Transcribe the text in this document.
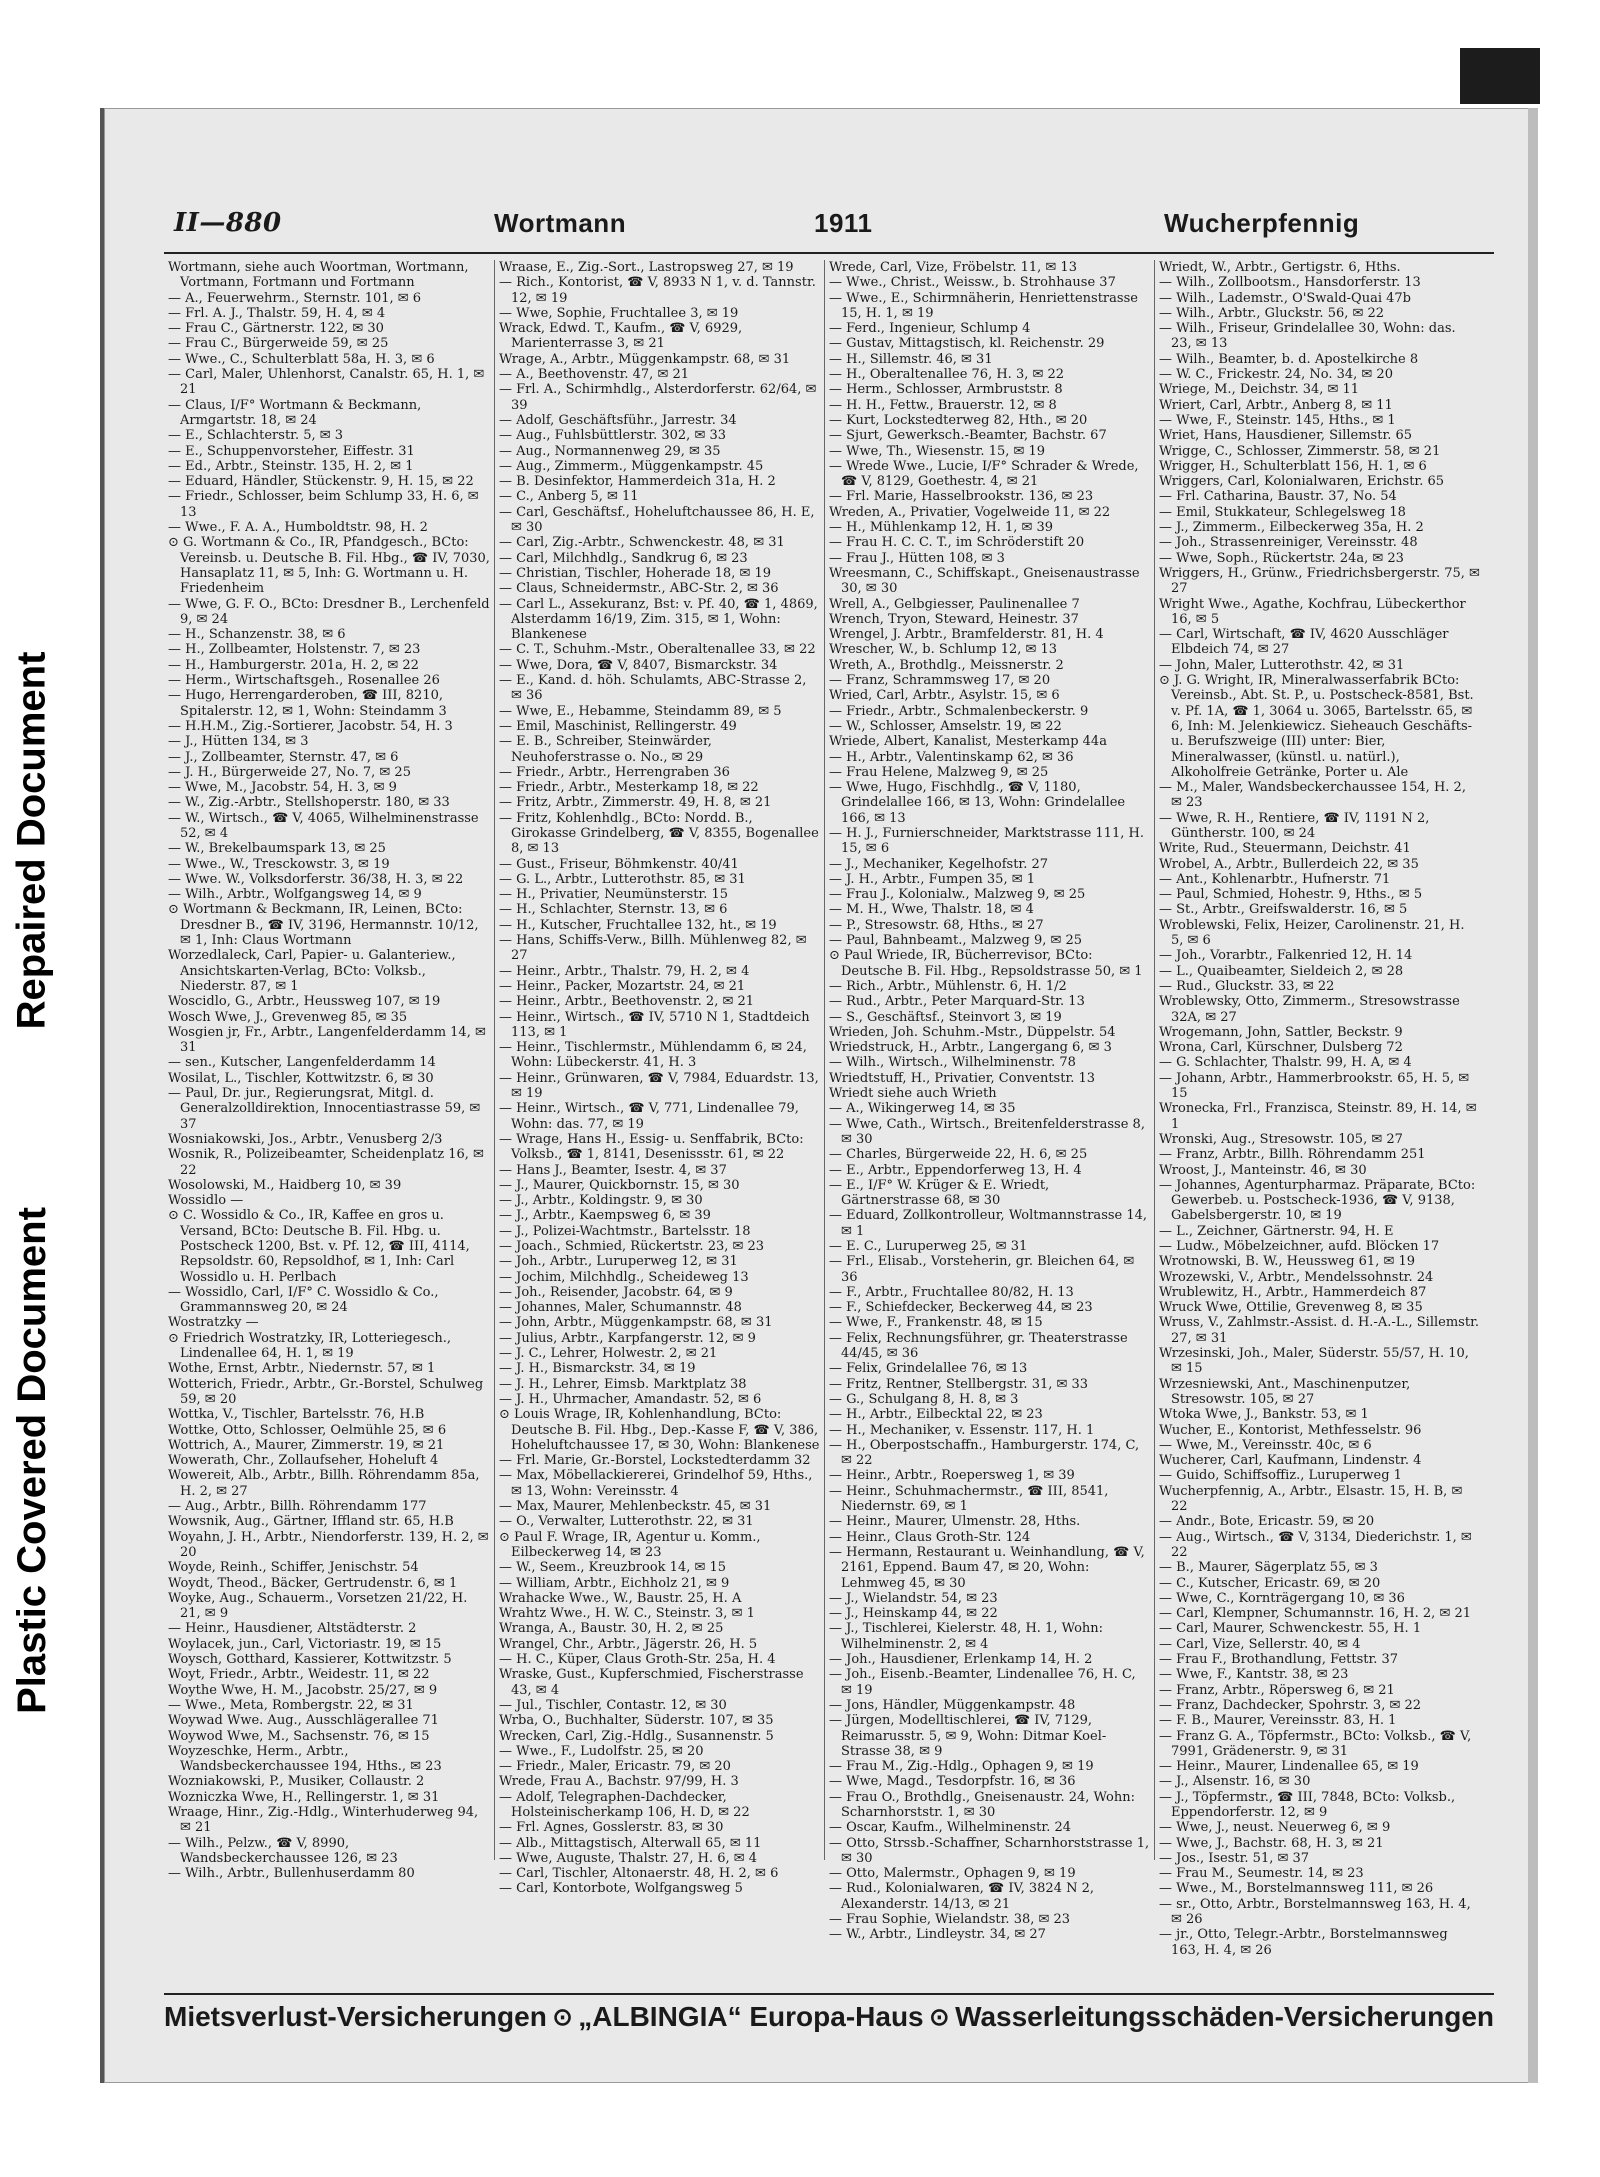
Repaired Document
Plastic Covered Document
II—880	Wortmann	1911	Wucherpfennig
Wortmann, siehe auch Woortman, Wortmann, Vortmann, Fortmann und Fortmann
— A., Feuerwehrm., Sternstr. 101, ✉ 6
— Frl. A. J., Thalstr. 59, H. 4, ✉ 4
— Frau C., Gärtnerstr. 122, ✉ 30
— Frau C., Bürgerweide 59, ✉ 25
— Wwe., C., Schulterblatt 58a, H. 3, ✉ 6
— Carl, Maler, Uhlenhorst, Canalstr. 65, H. 1, ✉ 21
— Claus, I/F° Wortmann & Beckmann, Armgartstr. 18, ✉ 24
— E., Schlachterstr. 5, ✉ 3
— E., Schuppenvorsteher, Eiffestr. 31
— Ed., Arbtr., Steinstr. 135, H. 2, ✉ 1
— Eduard, Händler, Stückenstr. 9, H. 15, ✉ 22
— Friedr., Schlosser, beim Schlump 33, H. 6, ✉ 13
— Wwe., F. A. A., Humboldtstr. 98, H. 2
⊙ G. Wortmann & Co., IR, Pfandgesch., BCto: Vereinsb. u. Deutsche B. Fil. Hbg., ☎ IV, 7030, Hansaplatz 11, ✉ 5, Inh: G. Wortmann u. H. Friedenheim
— Wwe, G. F. O., BCto: Dresdner B., Lerchenfeld 9, ✉ 24
— H., Schanzenstr. 38, ✉ 6
— H., Zollbeamter, Holstenstr. 7, ✉ 23
— H., Hamburgerstr. 201a, H. 2, ✉ 22
— Herm., Wirtschaftsgeh., Rosenallee 26
— Hugo, Herrengarderoben, ☎ III, 8210, Spitalerstr. 12, ✉ 1, Wohn: Steindamm 3
— H.H.M., Zig.-Sortierer, Jacobstr. 54, H. 3
— J., Hütten 134, ✉ 3
— J., Zollbeamter, Sternstr. 47, ✉ 6
— J. H., Bürgerweide 27, No. 7, ✉ 25
— Wwe, M., Jacobstr. 54, H. 3, ✉ 9
— W., Zig.-Arbtr., Stellshoperstr. 180, ✉ 33
— W., Wirtsch., ☎ V, 4065, Wilhelminenstrasse 52, ✉ 4
— W., Brekelbaumspark 13, ✉ 25
— Wwe., W., Tresckowstr. 3, ✉ 19
— Wwe. W., Volksdorferstr. 36/38, H. 3, ✉ 22
— Wilh., Arbtr., Wolfgangsweg 14, ✉ 9
⊙ Wortmann & Beckmann, IR, Leinen, BCto: Dresdner B., ☎ IV, 3196, Hermannstr. 10/12, ✉ 1, Inh: Claus Wortmann
Worzedlaleck, Carl, Papier- u. Galanteriew., Ansichtskarten-Verlag, BCto: Volksb., Niederstr. 87, ✉ 1
Woscidlo, G., Arbtr., Heussweg 107, ✉ 19
Wosch Wwe, J., Grevenweg 85, ✉ 35
Wosgien jr, Fr., Arbtr., Langenfelderdamm 14, ✉ 31
— sen., Kutscher, Langenfelderdamm 14
Wosilat, L., Tischler, Kottwitzstr. 6, ✉ 30
— Paul, Dr. jur., Regierungsrat, Mitgl. d. Generalzolldirektion, Innocentiastrasse 59, ✉ 37
Wosniakowski, Jos., Arbtr., Venusberg 2/3
Wosnik, R., Polizeibeamter, Scheidenplatz 16, ✉ 22
Wosolowski, M., Haidberg 10, ✉ 39
Wossidlo —
⊙ C. Wossidlo & Co., IR, Kaffee en gros u. Versand, BCto: Deutsche B. Fil. Hbg. u. Postscheck 1200, Bst. v. Pf. 12, ☎ III, 4114, Repsoldstr. 60, Repsoldhof, ✉ 1, Inh: Carl Wossidlo u. H. Perlbach
— Wossidlo, Carl, I/F° C. Wossidlo & Co., Grammannsweg 20, ✉ 24
Wostratzky —
⊙ Friedrich Wostratzky, IR, Lotteriegesch., Lindenallee 64, H. 1, ✉ 19
Wothe, Ernst, Arbtr., Niedernstr. 57, ✉ 1
Wotterich, Friedr., Arbtr., Gr.-Borstel, Schulweg 59, ✉ 20
Wottka, V., Tischler, Bartelsstr. 76, H.B
Wottke, Otto, Schlosser, Oelmühle 25, ✉ 6
Wottrich, A., Maurer, Zimmerstr. 19, ✉ 21
Wowerath, Chr., Zollaufseher, Hoheluft 4
Wowereit, Alb., Arbtr., Billh. Röhrendamm 85a, H. 2, ✉ 27
— Aug., Arbtr., Billh. Röhrendamm 177
Wowsnik, Aug., Gärtner, Iffland str. 65, H.B
Woyahn, J. H., Arbtr., Niendorferstr. 139, H. 2, ✉ 20
Woyde, Reinh., Schiffer, Jenischstr. 54
Woydt, Theod., Bäcker, Gertrudenstr. 6, ✉ 1
Woyke, Aug., Schauerm., Vorsetzen 21/22, H. 21, ✉ 9
— Heinr., Hausdiener, Altstädterstr. 2
Woylacek, jun., Carl, Victoriastr. 19, ✉ 15
Woysch, Gotthard, Kassierer, Kottwitzstr. 5
Woyt, Friedr., Arbtr., Weidestr. 11, ✉ 22
Woythe Wwe, H. M., Jacobstr. 25/27, ✉ 9
— Wwe., Meta, Rombergstr. 22, ✉ 31
Woywad Wwe. Aug., Ausschlägerallee 71
Woywod Wwe, M., Sachsenstr. 76, ✉ 15
Woyzeschke, Herm., Arbtr., Wandsbeckerchaussee 194, Hths., ✉ 23
Wozniakowski, P., Musiker, Collaustr. 2
Wozniczka Wwe, H., Rellingerstr. 1, ✉ 31
Wraage, Hinr., Zig.-Hdlg., Winterhuderweg 94, ✉ 21
— Wilh., Pelzw., ☎ V, 8990, Wandsbeckerchaussee 126, ✉ 23
— Wilh., Arbtr., Bullenhuserdamm 80
Wraase, E., Zig.-Sort., Lastropsweg 27, ✉ 19
— Rich., Kontorist, ☎ V, 8933 N 1, v. d. Tannstr. 12, ✉ 19
— Wwe, Sophie, Fruchtallee 3, ✉ 19
Wrack, Edwd. T., Kaufm., ☎ V, 6929, Marienterrasse 3, ✉ 21
Wrage, A., Arbtr., Müggenkampstr. 68, ✉ 31
— A., Beethovenstr. 47, ✉ 21
— Frl. A., Schirmhdlg., Alsterdorferstr. 62/64, ✉ 39
— Adolf, Geschäftsführ., Jarrestr. 34
— Aug., Fuhlsbüttlerstr. 302, ✉ 33
— Aug., Normannenweg 29, ✉ 35
— Aug., Zimmerm., Müggenkampstr. 45
— B. Desinfektor, Hammerdeich 31a, H. 2
— C., Anberg 5, ✉ 11
— Carl, Geschäftsf., Hoheluftchaussee 86, H. E, ✉ 30
— Carl, Zig.-Arbtr., Schwenckestr. 48, ✉ 31
— Carl, Milchhdlg., Sandkrug 6, ✉ 23
— Christian, Tischler, Hoherade 18, ✉ 19
— Claus, Schneidermstr., ABC-Str. 2, ✉ 36
— Carl L., Assekuranz, Bst: v. Pf. 40, ☎ 1, 4869, Alsterdamm 16/19, Zim. 315, ✉ 1, Wohn: Blankenese
— C. T., Schuhm.-Mstr., Oberaltenallee 33, ✉ 22
— Wwe, Dora, ☎ V, 8407, Bismarckstr. 34
— E., Kand. d. höh. Schulamts, ABC-Strasse 2, ✉ 36
— Wwe, E., Hebamme, Steindamm 89, ✉ 5
— Emil, Maschinist, Rellingerstr. 49
— E. B., Schreiber, Steinwärder, Neuhoferstrasse o. No., ✉ 29
— Friedr., Arbtr., Herrengraben 36
— Friedr., Arbtr., Mesterkamp 18, ✉ 22
— Fritz, Arbtr., Zimmerstr. 49, H. 8, ✉ 21
— Fritz, Kohlenhdlg., BCto: Nordd. B., Girokasse Grindelberg, ☎ V, 8355, Bogenallee 8, ✉ 13
— Gust., Friseur, Böhmkenstr. 40/41
— G. L., Arbtr., Lutterothstr. 85, ✉ 31
— H., Privatier, Neumünsterstr. 15
— H., Schlachter, Sternstr. 13, ✉ 6
— H., Kutscher, Fruchtallee 132, ht., ✉ 19
— Hans, Schiffs-Verw., Billh. Mühlenweg 82, ✉ 27
— Heinr., Arbtr., Thalstr. 79, H. 2, ✉ 4
— Heinr., Packer, Mozartstr. 24, ✉ 21
— Heinr., Arbtr., Beethovenstr. 2, ✉ 21
— Heinr., Wirtsch., ☎ IV, 5710 N 1, Stadtdeich 113, ✉ 1
— Heinr., Tischlermstr., Mühlendamm 6, ✉ 24, Wohn: Lübeckerstr. 41, H. 3
— Heinr., Grünwaren, ☎ V, 7984, Eduardstr. 13, ✉ 19
— Heinr., Wirtsch., ☎ V, 771, Lindenallee 79, Wohn: das. 77, ✉ 19
— Wrage, Hans H., Essig- u. Senffabrik, BCto: Volksb., ☎ 1, 8141, Desenissstr. 61, ✉ 22
— Hans J., Beamter, Isestr. 4, ✉ 37
— J., Maurer, Quickbornstr. 15, ✉ 30
— J., Arbtr., Koldingstr. 9, ✉ 30
— J., Arbtr., Kaempsweg 6, ✉ 39
— J., Polizei-Wachtmstr., Bartelsstr. 18
— Joach., Schmied, Rückertstr. 23, ✉ 23
— Joh., Arbtr., Luruperweg 12, ✉ 31
— Jochim, Milchhdlg., Scheideweg 13
— Joh., Reisender, Jacobstr. 64, ✉ 9
— Johannes, Maler, Schumannstr. 48
— John, Arbtr., Müggenkampstr. 68, ✉ 31
— Julius, Arbtr., Karpfangerstr. 12, ✉ 9
— J. C., Lehrer, Holwestr. 2, ✉ 21
— J. H., Bismarckstr. 34, ✉ 19
— J. H., Lehrer, Eimsb. Marktplatz 38
— J. H., Uhrmacher, Amandastr. 52, ✉ 6
⊙ Louis Wrage, IR, Kohlenhandlung, BCto: Deutsche B. Fil. Hbg., Dep.-Kasse F, ☎ V, 386, Hoheluftchaussee 17, ✉ 30, Wohn: Blankenese
— Frl. Marie, Gr.-Borstel, Lockstedterdamm 32
— Max, Möbellackiererei, Grindelhof 59, Hths., ✉ 13, Wohn: Vereinsstr. 4
— Max, Maurer, Mehlenbeckstr. 45, ✉ 31
— O., Verwalter, Lutterothstr. 22, ✉ 31
⊙ Paul F. Wrage, IR, Agentur u. Komm., Eilbeckerweg 14, ✉ 23
— W., Seem., Kreuzbrook 14, ✉ 15
— William, Arbtr., Eichholz 21, ✉ 9
Wrahacke Wwe., W., Baustr. 25, H. A
Wrahtz Wwe., H. W. C., Steinstr. 3, ✉ 1
Wranga, A., Baustr. 30, H. 2, ✉ 25
Wrangel, Chr., Arbtr., Jägerstr. 26, H. 5
— H. C., Küper, Claus Groth-Str. 25a, H. 4
Wraske, Gust., Kupferschmied, Fischerstrasse 43, ✉ 4
— Jul., Tischler, Contastr. 12, ✉ 30
Wrba, O., Buchhalter, Süderstr. 107, ✉ 35
Wrecken, Carl, Zig.-Hdlg., Susannenstr. 5
— Wwe., F., Ludolfstr. 25, ✉ 20
— Friedr., Maler, Ericastr. 79, ✉ 20
Wrede, Frau A., Bachstr. 97/99, H. 3
— Adolf, Telegraphen-Dachdecker, Holsteinischerkamp 106, H. D, ✉ 22
— Frl. Agnes, Gosslerstr. 83, ✉ 30
— Alb., Mittagstisch, Alterwall 65, ✉ 11
— Wwe, Auguste, Thalstr. 27, H. 6, ✉ 4
— Carl, Tischler, Altonaerstr. 48, H. 2, ✉ 6
— Carl, Kontorbote, Wolfgangsweg 5
Wrede, Carl, Vize, Fröbelstr. 11, ✉ 13
— Wwe., Christ., Weissw., b. Strohhause 37
— Wwe., E., Schirmnäherin, Henriettenstrasse 15, H. 1, ✉ 19
— Ferd., Ingenieur, Schlump 4
— Gustav, Mittagstisch, kl. Reichenstr. 29
— H., Sillemstr. 46, ✉ 31
— H., Oberaltenallee 76, H. 3, ✉ 22
— Herm., Schlosser, Armbruststr. 8
— H. H., Fettw., Brauerstr. 12, ✉ 8
— Kurt, Lockstedterweg 82, Hth., ✉ 20
— Sjurt, Gewerksch.-Beamter, Bachstr. 67
— Wwe, Th., Wiesenstr. 15, ✉ 19
— Wrede Wwe., Lucie, I/F° Schrader & Wrede, ☎ V, 8129, Goethestr. 4, ✉ 21
— Frl. Marie, Hasselbrookstr. 136, ✉ 23
Wreden, A., Privatier, Vogelweide 11, ✉ 22
— H., Mühlenkamp 12, H. 1, ✉ 39
— Frau H. C. C. T., im Schröderstift 20
— Frau J., Hütten 108, ✉ 3
Wreesmann, C., Schiffskapt., Gneisenaustrasse 30, ✉ 30
Wrell, A., Gelbgiesser, Paulinenallee 7
Wrench, Tryon, Steward, Heinestr. 37
Wrengel, J. Arbtr., Bramfelderstr. 81, H. 4
Wrescher, W., b. Schlump 12, ✉ 13
Wreth, A., Brothdlg., Meissnerstr. 2
— Franz, Schrammsweg 17, ✉ 20
Wried, Carl, Arbtr., Asylstr. 15, ✉ 6
— Friedr., Arbtr., Schmalenbeckerstr. 9
— W., Schlosser, Amselstr. 19, ✉ 22
Wriede, Albert, Kanalist, Mesterkamp 44a
— H., Arbtr., Valentinskamp 62, ✉ 36
— Frau Helene, Malzweg 9, ✉ 25
— Wwe, Hugo, Fischhdlg., ☎ V, 1180, Grindelallee 166, ✉ 13, Wohn: Grindelallee 166, ✉ 13
— H. J., Furnierschneider, Marktstrasse 111, H. 15, ✉ 6
— J., Mechaniker, Kegelhofstr. 27
— J. H., Arbtr., Fumpen 35, ✉ 1
— Frau J., Kolonialw., Malzweg 9, ✉ 25
— M. H., Wwe, Thalstr. 18, ✉ 4
— P., Stresowstr. 68, Hths., ✉ 27
— Paul, Bahnbeamt., Malzweg 9, ✉ 25
⊙ Paul Wriede, IR, Bücherrevisor, BCto: Deutsche B. Fil. Hbg., Repsoldstrasse 50, ✉ 1
— Rich., Arbtr., Mühlenstr. 6, H. 1/2
— Rud., Arbtr., Peter Marquard-Str. 13
— S., Geschäftsf., Steinvort 3, ✉ 19
Wrieden, Joh. Schuhm.-Mstr., Düppelstr. 54
Wriedstruck, H., Arbtr., Langergang 6, ✉ 3
— Wilh., Wirtsch., Wilhelminenstr. 78
Wriedtstuff, H., Privatier, Conventstr. 13
Wriedt siehe auch Wrieth
— A., Wikingerweg 14, ✉ 35
— Wwe, Cath., Wirtsch., Breitenfelderstrasse 8, ✉ 30
— Charles, Bürgerweide 22, H. 6, ✉ 25
— E., Arbtr., Eppendorferweg 13, H. 4
— E., I/F° W. Krüger & E. Wriedt, Gärtnerstrasse 68, ✉ 30
— Eduard, Zollkontrolleur, Woltmannstrasse 14, ✉ 1
— E. C., Luruperweg 25, ✉ 31
— Frl., Elisab., Vorsteherin, gr. Bleichen 64, ✉ 36
— F., Arbtr., Fruchtallee 80/82, H. 13
— F., Schiefdecker, Beckerweg 44, ✉ 23
— Wwe, F., Frankenstr. 48, ✉ 15
— Felix, Rechnungsführer, gr. Theaterstrasse 44/45, ✉ 36
— Felix, Grindelallee 76, ✉ 13
— Fritz, Rentner, Stellbergstr. 31, ✉ 33
— G., Schulgang 8, H. 8, ✉ 3
— H., Arbtr., Eilbecktal 22, ✉ 23
— H., Mechaniker, v. Essenstr. 117, H. 1
— H., Oberpostschaffn., Hamburgerstr. 174, C, ✉ 22
— Heinr., Arbtr., Roepersweg 1, ✉ 39
— Heinr., Schuhmachermstr., ☎ III, 8541, Niedernstr. 69, ✉ 1
— Heinr., Maurer, Ulmenstr. 28, Hths.
— Heinr., Claus Groth-Str. 124
— Hermann, Restaurant u. Weinhandlung, ☎ V, 2161, Eppend. Baum 47, ✉ 20, Wohn: Lehmweg 45, ✉ 30
— J., Wielandstr. 54, ✉ 23
— J., Heinskamp 44, ✉ 22
— J., Tischlerei, Kielerstr. 48, H. 1, Wohn: Wilhelminenstr. 2, ✉ 4
— Joh., Hausdiener, Erlenkamp 14, H. 2
— Joh., Eisenb.-Beamter, Lindenallee 76, H. C, ✉ 19
— Jons, Händler, Müggenkampstr. 48
— Jürgen, Modelltischlerei, ☎ IV, 7129, Reimarusstr. 5, ✉ 9, Wohn: Ditmar Koel-Strasse 38, ✉ 9
— Frau M., Zig.-Hdlg., Ophagen 9, ✉ 19
— Wwe, Magd., Tesdorpfstr. 16, ✉ 36
— Frau O., Brothdlg., Gneisenaustr. 24, Wohn: Scharnhorststr. 1, ✉ 30
— Oscar, Kaufm., Wilhelminenstr. 24
— Otto, Strssb.-Schaffner, Scharnhorststrasse 1, ✉ 30
— Otto, Malermstr., Ophagen 9, ✉ 19
— Rud., Kolonialwaren, ☎ IV, 3824 N 2, Alexanderstr. 14/13, ✉ 21
— Frau Sophie, Wielandstr. 38, ✉ 23
— W., Arbtr., Lindleystr. 34, ✉ 27
Wriedt, W., Arbtr., Gertigstr. 6, Hths.
— Wilh., Zollbootsm., Hansdorferstr. 13
— Wilh., Lademstr., O'Swald-Quai 47b
— Wilh., Arbtr., Gluckstr. 56, ✉ 22
— Wilh., Friseur, Grindelallee 30, Wohn: das. 23, ✉ 13
— Wilh., Beamter, b. d. Apostelkirche 8
— W. C., Frickestr. 24, No. 34, ✉ 20
Wriege, M., Deichstr. 34, ✉ 11
Wriert, Carl, Arbtr., Anberg 8, ✉ 11
— Wwe, F., Steinstr. 145, Hths., ✉ 1
Wriet, Hans, Hausdiener, Sillemstr. 65
Wrigge, C., Schlosser, Zimmerstr. 58, ✉ 21
Wrigger, H., Schulterblatt 156, H. 1, ✉ 6
Wriggers, Carl, Kolonialwaren, Erichstr. 65
— Frl. Catharina, Baustr. 37, No. 54
— Emil, Stukkateur, Schlegelsweg 18
— J., Zimmerm., Eilbeckerweg 35a, H. 2
— Joh., Strassenreiniger, Vereinsstr. 48
— Wwe, Soph., Rückertstr. 24a, ✉ 23
Wriggers, H., Grünw., Friedrichsbergerstr. 75, ✉ 27
Wright Wwe., Agathe, Kochfrau, Lübeckerthor 16, ✉ 5
— Carl, Wirtschaft, ☎ IV, 4620 Ausschläger Elbdeich 74, ✉ 27
— John, Maler, Lutterothstr. 42, ✉ 31
⊙ J. G. Wright, IR, Mineralwasserfabrik BCto: Vereinsb., Abt. St. P., u. Postscheck-8581, Bst. v. Pf. 1A, ☎ 1, 3064 u. 3065, Bartelsstr. 65, ✉ 6, Inh: M. Jelenkiewicz. Sieheauch Geschäfts- u. Berufszweige (III) unter: Bier, Mineralwasser, (künstl. u. natürl.), Alkoholfreie Getränke, Porter u. Ale
— M., Maler, Wandsbeckerchaussee 154, H. 2, ✉ 23
— Wwe, R. H., Rentiere, ☎ IV, 1191 N 2, Güntherstr. 100, ✉ 24
Write, Rud., Steuermann, Deichstr. 41
Wrobel, A., Arbtr., Bullerdeich 22, ✉ 35
— Ant., Kohlenarbtr., Hufnerstr. 71
— Paul, Schmied, Hohestr. 9, Hths., ✉ 5
— St., Arbtr., Greifswalderstr. 16, ✉ 5
Wroblewski, Felix, Heizer, Carolinenstr. 21, H. 5, ✉ 6
— Joh., Vorarbtr., Falkenried 12, H. 14
— L., Quaibeamter, Sieldeich 2, ✉ 28
— Rud., Gluckstr. 33, ✉ 22
Wroblewsky, Otto, Zimmerm., Stresowstrasse 32A, ✉ 27
Wrogemann, John, Sattler, Beckstr. 9
Wrona, Carl, Kürschner, Dulsberg 72
— G. Schlachter, Thalstr. 99, H. A, ✉ 4
— Johann, Arbtr., Hammerbrookstr. 65, H. 5, ✉ 15
Wronecka, Frl., Franzisca, Steinstr. 89, H. 14, ✉ 1
Wronski, Aug., Stresowstr. 105, ✉ 27
— Franz, Arbtr., Billh. Röhrendamm 251
Wroost, J., Manteinstr. 46, ✉ 30
— Johannes, Agenturpharmaz. Präparate, BCto: Gewerbeb. u. Postscheck-1936, ☎ V, 9138, Gabelsbergerstr. 10, ✉ 19
— L., Zeichner, Gärtnerstr. 94, H. E
— Ludw., Möbelzeichner, aufd. Blöcken 17
Wrotnowski, B. W., Heussweg 61, ✉ 19
Wrozewski, V., Arbtr., Mendelssohnstr. 24
Wrublewitz, H., Arbtr., Hammerdeich 87
Wruck Wwe, Ottilie, Grevenweg 8, ✉ 35
Wruss, V., Zahlmstr.-Assist. d. H.-A.-L., Sillemstr. 27, ✉ 31
Wrzesinski, Joh., Maler, Süderstr. 55/57, H. 10, ✉ 15
Wrzesniewski, Ant., Maschinenputzer, Stresowstr. 105, ✉ 27
Wtoka Wwe, J., Bankstr. 53, ✉ 1
Wucher, E., Kontorist, Methfesselstr. 96
— Wwe, M., Vereinsstr. 40c, ✉ 6
Wucherer, Carl, Kaufmann, Lindenstr. 4
— Guido, Schiffsoffiz., Luruperweg 1
Wucherpfennig, A., Arbtr., Elsastr. 15, H. B, ✉ 22
— Andr., Bote, Ericastr. 59, ✉ 20
— Aug., Wirtsch., ☎ V, 3134, Diederichstr. 1, ✉ 22
— B., Maurer, Sägerplatz 55, ✉ 3
— C., Kutscher, Ericastr. 69, ✉ 20
— Wwe, C., Kornträgergang 10, ✉ 36
— Carl, Klempner, Schumannstr. 16, H. 2, ✉ 21
— Carl, Maurer, Schwenckestr. 55, H. 1
— Carl, Vize, Sellerstr. 40, ✉ 4
— Frau F., Brothandlung, Fettstr. 37
— Wwe, F., Kantstr. 38, ✉ 23
— Franz, Arbtr., Röpersweg 6, ✉ 21
— Franz, Dachdecker, Spohrstr. 3, ✉ 22
— F. B., Maurer, Vereinsstr. 83, H. 1
— Franz G. A., Töpfermstr., BCto: Volksb., ☎ V, 7991, Grädenerstr. 9, ✉ 31
— Heinr., Maurer, Lindenallee 65, ✉ 19
— J., Alsenstr. 16, ✉ 30
— J., Töpfermstr., ☎ III, 7848, BCto: Volksb., Eppendorferstr. 12, ✉ 9
— Wwe, J., neust. Neuerweg 6, ✉ 9
— Wwe, J., Bachstr. 68, H. 3, ✉ 21
— Jos., Isestr. 51, ✉ 37
— Frau M., Seumestr. 14, ✉ 23
— Wwe., M., Borstelmannsweg 111, ✉ 26
— sr., Otto, Arbtr., Borstelmannsweg 163, H. 4, ✉ 26
— jr., Otto, Telegr.-Arbtr., Borstelmannsweg 163, H. 4, ✉ 26
Mietsverlust-Versicherungen ⊙ „ALBINGIA“ Europa-Haus ⊙ Wasserleitungsschäden-Versicherungen
